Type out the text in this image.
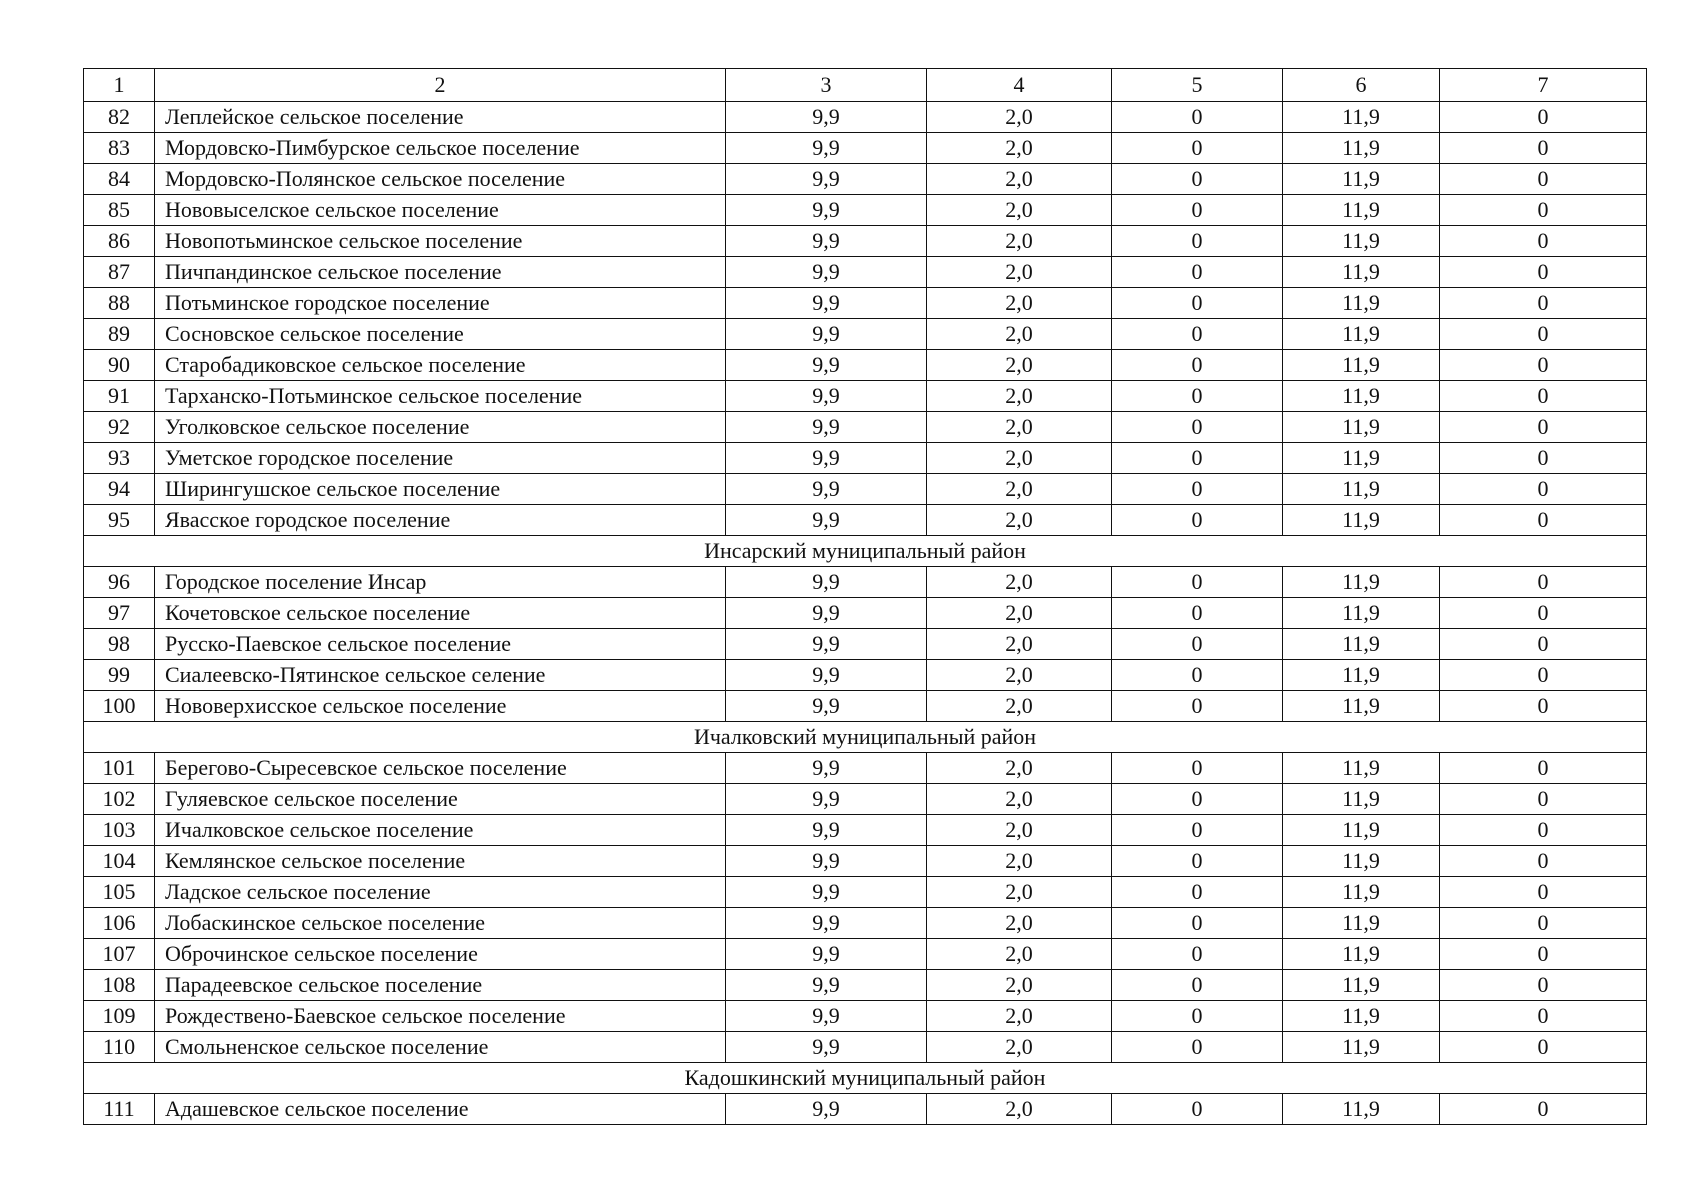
1	2	3	4	5	6	7
82	Леплейское сельское поселение	9,9	2,0	0	11,9	0
83	Мордовско-Пимбурское сельское поселение	9,9	2,0	0	11,9	0
84	Мордовско-Полянское сельское поселение	9,9	2,0	0	11,9	0
85	Нововыселское сельское поселение	9,9	2,0	0	11,9	0
86	Новопотьминское сельское поселение	9,9	2,0	0	11,9	0
87	Пичпандинское сельское поселение	9,9	2,0	0	11,9	0
88	Потьминское городское поселение	9,9	2,0	0	11,9	0
89	Сосновское сельское поселение	9,9	2,0	0	11,9	0
90	Старобадиковское сельское поселение	9,9	2,0	0	11,9	0
91	Тарханско-Потьминское сельское поселение	9,9	2,0	0	11,9	0
92	Уголковское сельское поселение	9,9	2,0	0	11,9	0
93	Уметское городское поселение	9,9	2,0	0	11,9	0
94	Ширингушское сельское поселение	9,9	2,0	0	11,9	0
95	Явасское городское поселение	9,9	2,0	0	11,9	0
Инсарский муниципальный район						
96	Городское поселение Инсар	9,9	2,0	0	11,9	0
97	Кочетовское сельское поселение	9,9	2,0	0	11,9	0
98	Русско-Паевское сельское поселение	9,9	2,0	0	11,9	0
99	Сиалеевско-Пятинское сельское селение	9,9	2,0	0	11,9	0
100	Нововерхисское сельское поселение	9,9	2,0	0	11,9	0
Ичалковский муниципальный район						
101	Берегово-Сыресевское сельское поселение	9,9	2,0	0	11,9	0
102	Гуляевское сельское поселение	9,9	2,0	0	11,9	0
103	Ичалковское сельское поселение	9,9	2,0	0	11,9	0
104	Кемлянское сельское поселение	9,9	2,0	0	11,9	0
105	Ладское сельское поселение	9,9	2,0	0	11,9	0
106	Лобаскинское сельское поселение	9,9	2,0	0	11,9	0
107	Оброчинское сельское поселение	9,9	2,0	0	11,9	0
108	Парадеевское сельское поселение	9,9	2,0	0	11,9	0
109	Рождествено-Баевское сельское поселение	9,9	2,0	0	11,9	0
110	Смольненское сельское поселение	9,9	2,0	0	11,9	0
Кадошкинский муниципальный район						
111	Адашевское сельское поселение	9,9	2,0	0	11,9	0
